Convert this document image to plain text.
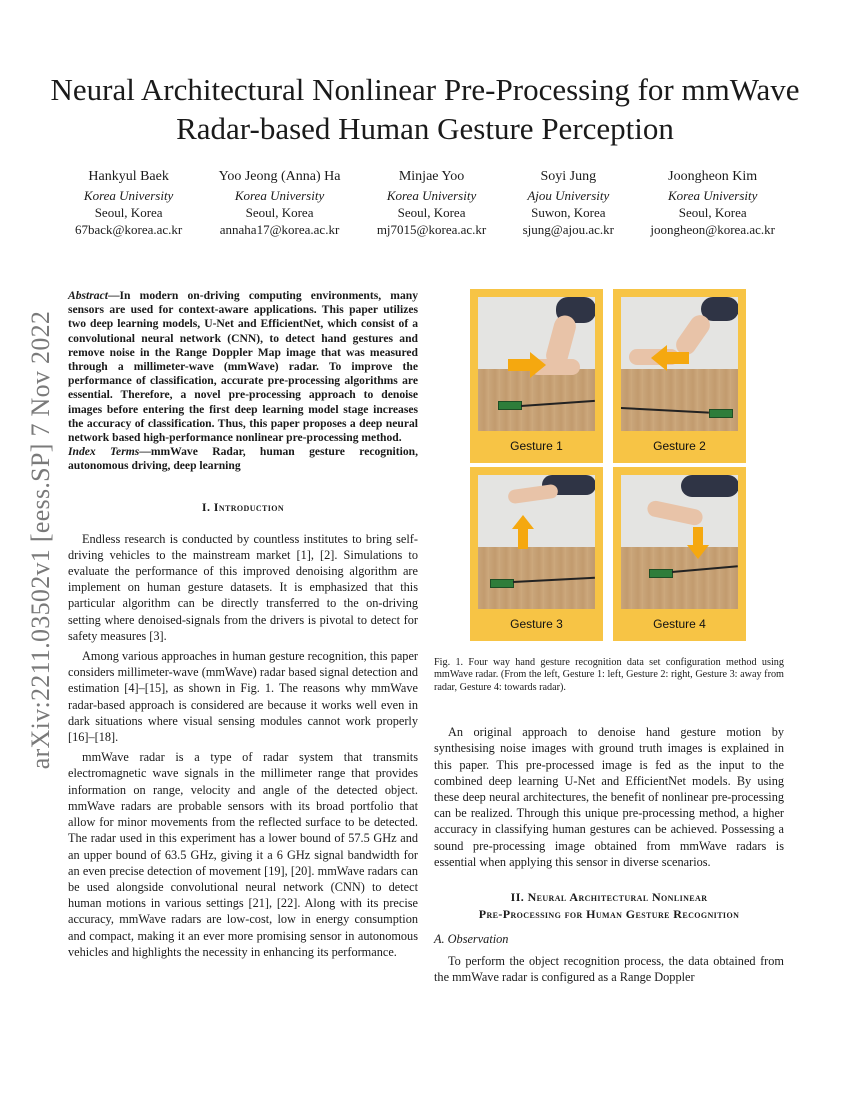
arXiv:2211.03502v1 [eess.SP] 7 Nov 2022
Neural Architectural Nonlinear Pre-Processing for mmWave Radar-based Human Gesture Perception
Hankyul Baek
Korea University
Seoul, Korea
67back@korea.ac.kr
Yoo Jeong (Anna) Ha
Korea University
Seoul, Korea
annaha17@korea.ac.kr
Minjae Yoo
Korea University
Seoul, Korea
mj7015@korea.ac.kr
Soyi Jung
Ajou University
Suwon, Korea
sjung@ajou.ac.kr
Joongheon Kim
Korea University
Seoul, Korea
joongheon@korea.ac.kr

Abstract—In modern on-driving computing environments, many sensors are used for context-aware applications. This paper utilizes two deep learning models, U-Net and EfficientNet, which consist of a convolutional neural network (CNN), to detect hand gestures and remove noise in the Range Doppler Map image that was measured through a millimeter-wave (mmWave) radar. To improve the performance of classification, accurate pre-processing algorithms are essential. Therefore, a novel pre-processing approach to denoise images before entering the first deep learning model stage increases the accuracy of classification. Thus, this paper proposes a deep neural network based high-performance nonlinear pre-processing method.

Index Terms—mmWave Radar, human gesture recognition, autonomous driving, deep learning

I. Introduction

Endless research is conducted by countless institutes to bring self-driving vehicles to the mainstream market [1], [2]. Simulations to evaluate the performance of this improved denoising algorithm are implement on human gesture datasets. It is emphasized that this particular algorithm can be directly transferred to the on-driving setting where denoised-signals from the drivers is pivotal to detect for safety measures [3].

Among various approaches in human gesture recognition, this paper considers millimeter-wave (mmWave) radar based signal detection and estimation [4]–[15], as shown in Fig. 1. The reasons why mmWave radar-based approach is considered are because it works well even in dark situations where visual sensing modules cannot work properly [16]–[18].

mmWave radar is a type of radar system that transmits electromagnetic wave signals in the millimeter range that provides information on range, velocity and angle of the detected object. mmWave radars are probable sensors with its broad portfolio that allow for minor movements from the reflected surface to be detected. The radar used in this experiment has a lower bound of 57.5 GHz and an upper bound of 63.5 GHz, giving it a 6 GHz signal bandwidth for an even precise detection of movement [19], [20]. mmWave radars can be used alongside convolutional neural network (CNN) to detect human motions in various settings [21], [22]. Along with its precise accuracy, mmWave radars are low-cost, low in energy consumption and compact, making it an ever more promising sensor in autonomous vehicles and highlights the necessity in enhancing its performance.

Gesture 1	Gesture 2
Gesture 3	Gesture 4

Fig. 1. Four way hand gesture recognition data set configuration method using mmWave radar. (From the left, Gesture 1: left, Gesture 2: right, Gesture 3: away from radar, Gesture 4: towards radar).

An original approach to denoise hand gesture motion by synthesising noise images with ground truth images is explained in this paper. This pre-processed image is fed as the input to the combined deep learning U-Net and EfficientNet models. By using these deep neural architectures, the benefit of nonlinear pre-processing can be realized. Through this unique pre-processing method, a higher accuracy in classifying human gestures can be achieved. Possessing a sound pre-processing image obtained from mmWave radars is essential when applying this sensor in diverse scenarios.

II. Neural Architectural Nonlinear
Pre-Processing for Human Gesture Recognition

A. Observation

To perform the object recognition process, the data obtained from the mmWave radar is configured as a Range Doppler
